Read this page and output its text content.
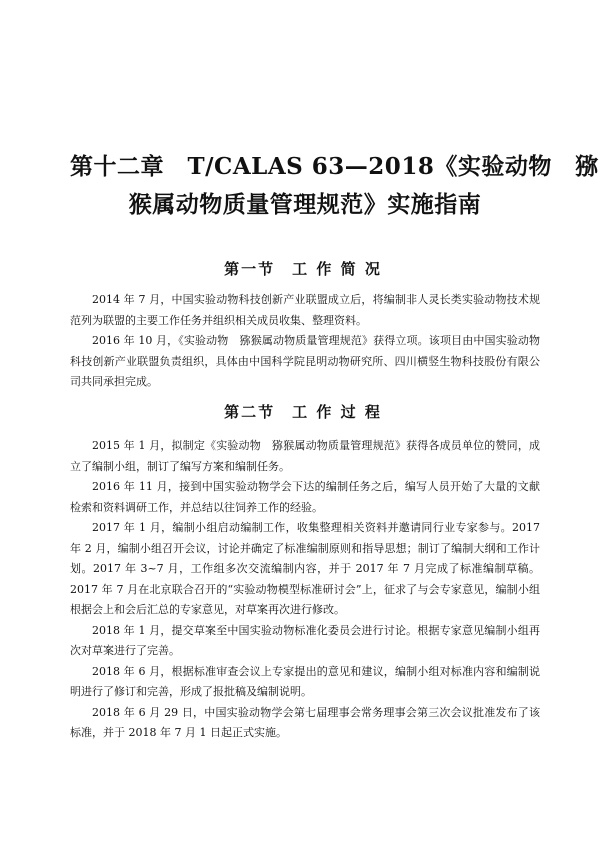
第十二章　T/CALAS 63—2018《实验动物　猕
猴属动物质量管理规范》实施指南
第一节　工 作 简 况

2014 年 7 月，中国实验动物科技创新产业联盟成立后，将编制非人灵长类实验动物技术规范列为联盟的主要工作任务并组织相关成员收集、整理资料。

2016 年 10 月，《实验动物　猕猴属动物质量管理规范》获得立项。该项目由中国实验动物科技创新产业联盟负责组织，具体由中国科学院昆明动物研究所、四川横竖生物科技股份有限公司共同承担完成。

第二节　工 作 过 程

2015 年 1 月，拟制定《实验动物　猕猴属动物质量管理规范》获得各成员单位的赞同，成立了编制小组，制订了编写方案和编制任务。

2016 年 11 月，接到中国实验动物学会下达的编制任务之后，编写人员开始了大量的文献检索和资料调研工作，并总结以往饲养工作的经验。

2017 年 1 月，编制小组启动编制工作，收集整理相关资料并邀请同行业专家参与。2017 年 2 月，编制小组召开会议，讨论并确定了标准编制原则和指导思想；制订了编制大纲和工作计划。2017 年 3~7 月，工作组多次交流编制内容，并于 2017 年 7 月完成了标准编制草稿。2017 年 7 月在北京联合召开的“实验动物模型标准研讨会”上，征求了与会专家意见，编制小组根据会上和会后汇总的专家意见，对草案再次进行修改。

2018 年 1 月，提交草案至中国实验动物标准化委员会进行讨论。根据专家意见编制小组再次对草案进行了完善。

2018 年 6 月，根据标准审查会议上专家提出的意见和建议，编制小组对标准内容和编制说明进行了修订和完善，形成了报批稿及编制说明。

2018 年 6 月 29 日，中国实验动物学会第七届理事会常务理事会第三次会议批准发布了该标准，并于 2018 年 7 月 1 日起正式实施。
